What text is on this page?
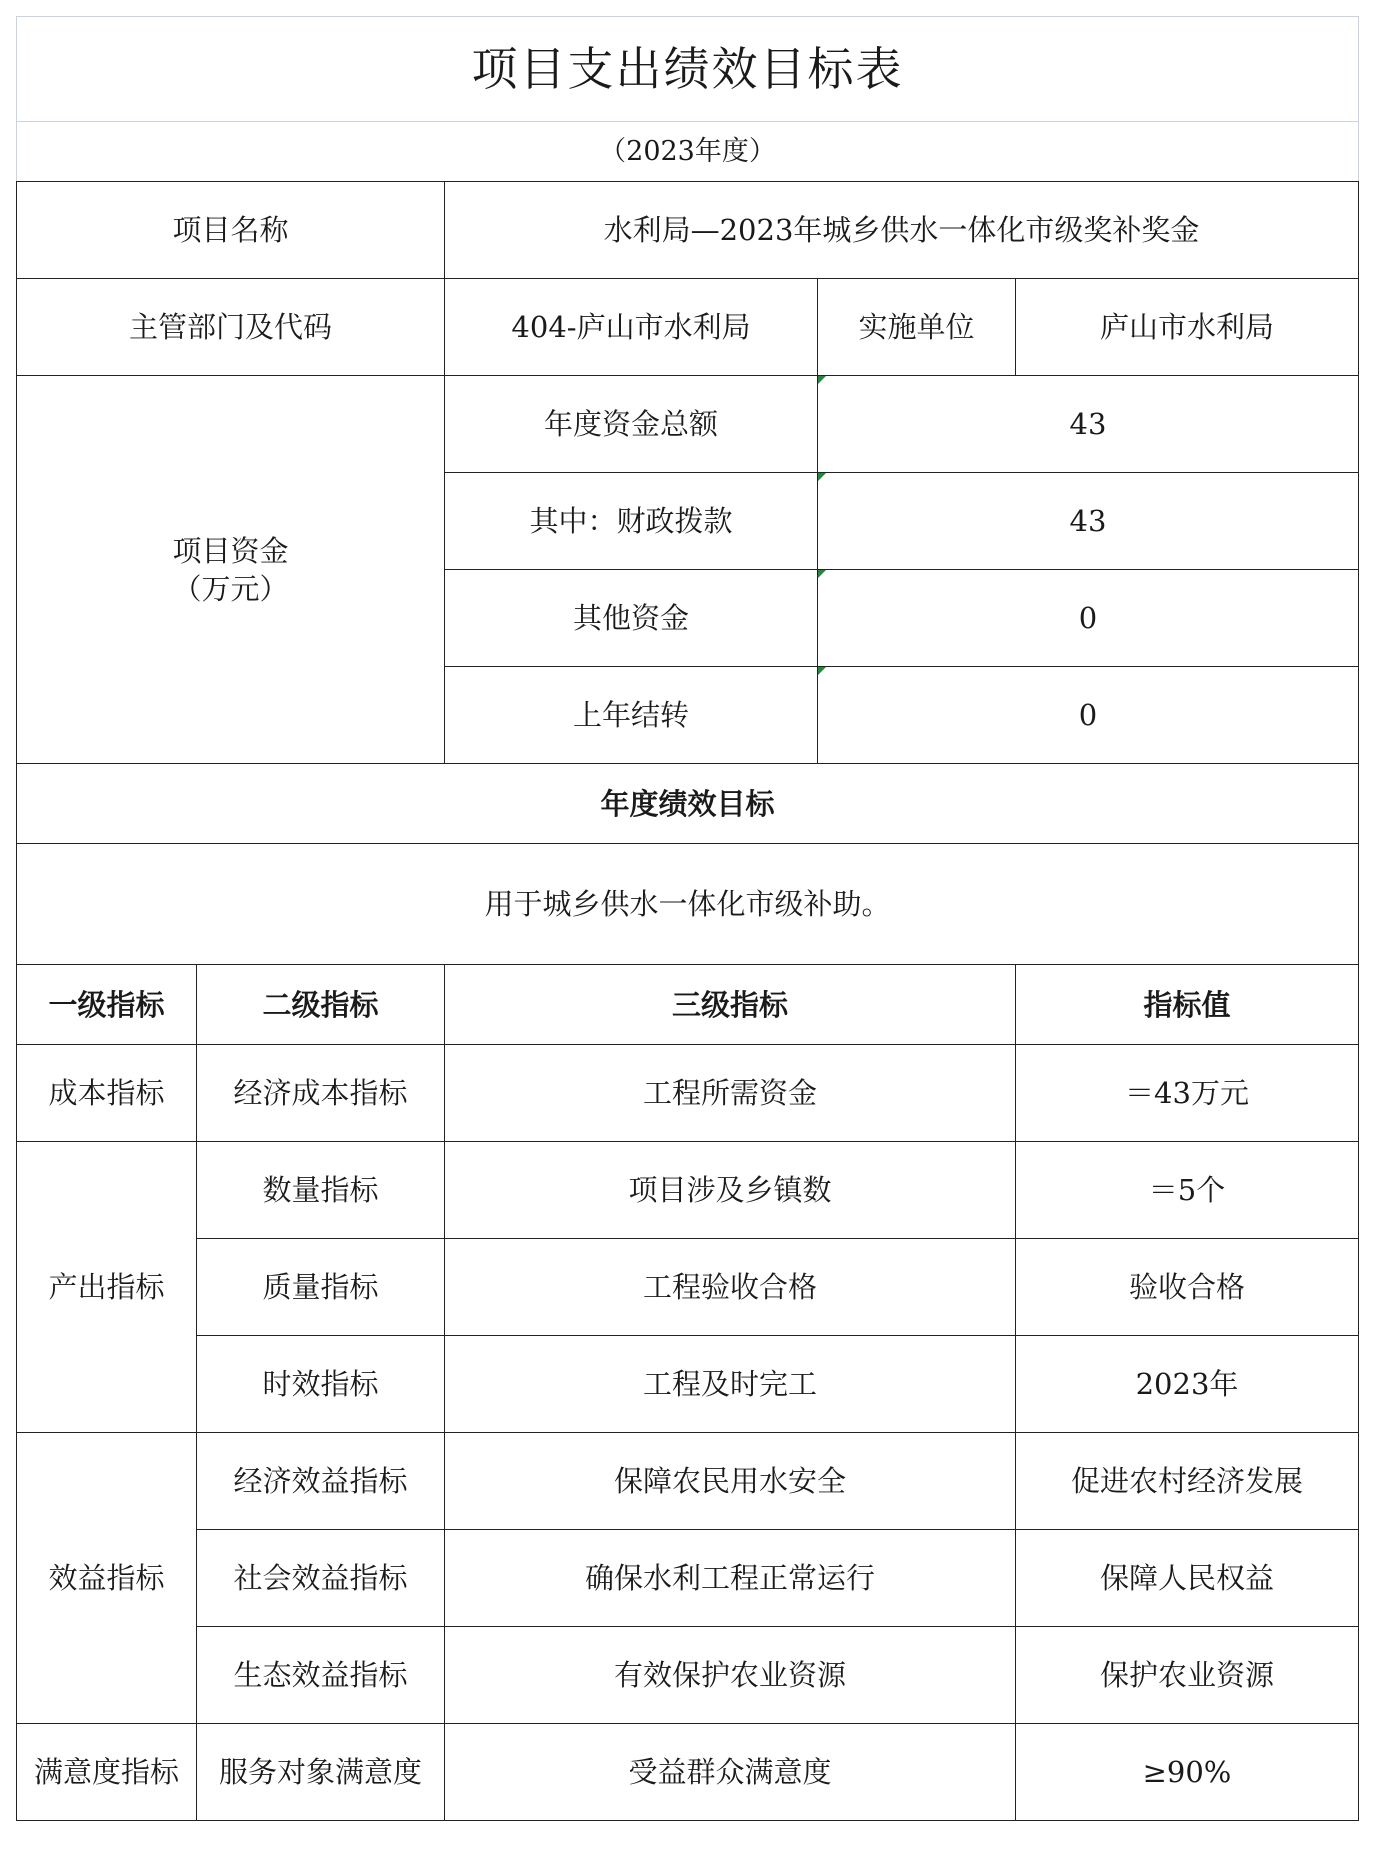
项目支出绩效目标表				
（2023年度）				
项目名称		水利局—2023年城乡供水一体化市级奖补奖金		
主管部门及代码		404-庐山市水利局	实施单位	庐山市水利局

项目资金
（万元）		年度资金总额	43	
		其中：财政拨款	43	
		其他资金	0	
		上年结转	0	
年度绩效目标				
用于城乡供水一体化市级补助。				
一级指标	二级指标	三级指标		指标值
成本指标	经济成本指标	工程所需资金		＝43万元
产出指标	数量指标	项目涉及乡镇数		＝5个
	质量指标	工程验收合格		验收合格
	时效指标	工程及时完工		2023年
效益指标	经济效益指标	保障农民用水安全		促进农村经济发展
	社会效益指标	确保水利工程正常运行		保障人民权益
	生态效益指标	有效保护农业资源		保护农业资源
满意度指标	服务对象满意度	受益群众满意度		≥90%
